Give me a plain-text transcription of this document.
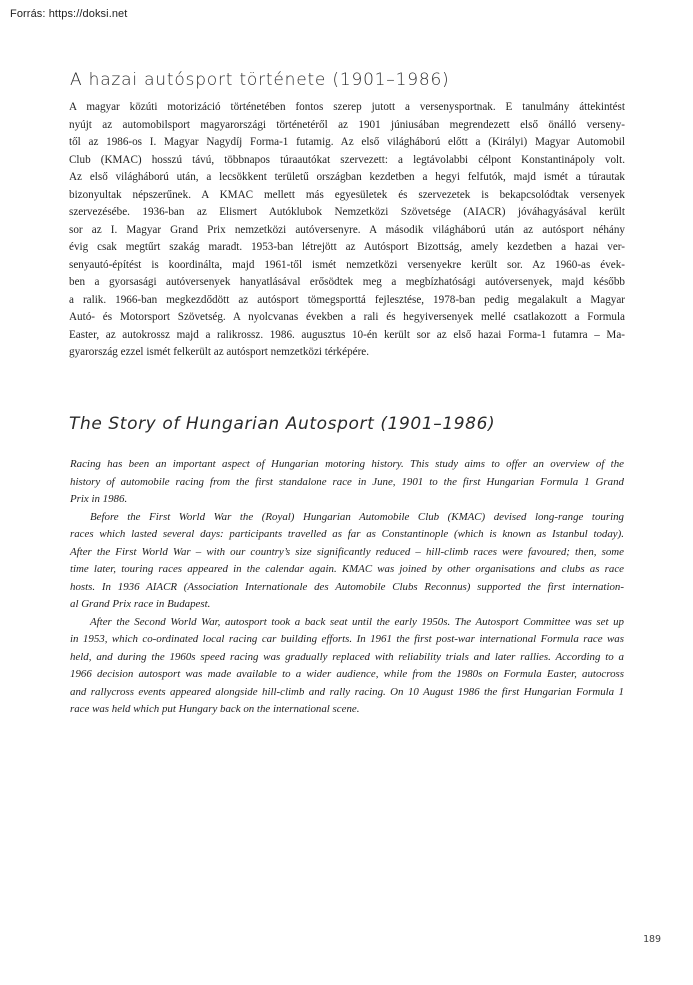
Forrás: https://doksi.net
A hazai autósport története (1901–1986)
A magyar közúti motorizáció történetében fontos szerep jutott a versenysportnak. E tanulmány áttekintést
nyújt az automobilsport magyarországi történetéről az 1901 júniusában megrendezett első önálló verseny-
től az 1986-os I. Magyar Nagydíj Forma-1 futamig. Az első világháború előtt a (Királyi) Magyar Automobil
Club (KMAC) hosszú távú, többnapos túraautókat szervezett: a legtávolabbi célpont Konstantinápoly volt.
Az első világháború után, a lecsökkent területű országban kezdetben a hegyi felfutók, majd ismét a túrautak
bizonyultak népszerűnek. A KMAC mellett más egyesületek és szervezetek is bekapcsolódtak versenyek
szervezésébe. 1936-ban az Elismert Autóklubok Nemzetközi Szövetsége (AIACR) jóváhagyásával került
sor az I. Magyar Grand Prix nemzetközi autóversenyre. A második világháború után az autósport néhány
évig csak megtűrt szakág maradt. 1953-ban létrejött az Autósport Bizottság, amely kezdetben a hazai ver-
senyautó-építést is koordinálta, majd 1961-től ismét nemzetközi versenyekre került sor. Az 1960-as évek-
ben a gyorsasági autóversenyek hanyatlásával erősödtek meg a megbízhatósági autóversenyek, majd később
a ralik. 1966-ban megkezdődött az autósport tömegsporttá fejlesztése, 1978-ban pedig megalakult a Magyar
Autó- és Motorsport Szövetség. A nyolcvanas években a rali és hegyiversenyek mellé csatlakozott a Formula
Easter, az autokrossz majd a ralikrossz. 1986. augusztus 10-én került sor az első hazai Forma-1 futamra – Ma-
gyarország ezzel ismét felkerült az autósport nemzetközi térképére.
The Story of Hungarian Autosport (1901–1986)
Racing has been an important aspect of Hungarian motoring history. This study aims to offer an overview of the
history of automobile racing from the first standalone race in June, 1901 to the first Hungarian Formula 1 Grand
Prix in 1986.
Before the First World War the (Royal) Hungarian Automobile Club (KMAC) devised long-range touring
races which lasted several days: participants travelled as far as Constantinople (which is known as Istanbul today).
After the First World War – with our country’s size significantly reduced – hill-climb races were favoured; then, some
time later, touring races appeared in the calendar again. KMAC was joined by other organisations and clubs as race
hosts. In 1936 AIACR (Association Internationale des Automobile Clubs Reconnus) supported the first internation-
al Grand Prix race in Budapest.
After the Second World War, autosport took a back seat until the early 1950s. The Autosport Committee was set up
in 1953, which co-ordinated local racing car building efforts. In 1961 the first post-war international Formula race was
held, and during the 1960s speed racing was gradually replaced with reliability trials and later rallies. According to a
1966 decision autosport was made available to a wider audience, while from the 1980s on Formula Easter, autocross
and rallycross events appeared alongside hill-climb and rally racing. On 10 August 1986 the first Hungarian Formula 1
race was held which put Hungary back on the international scene.
189
